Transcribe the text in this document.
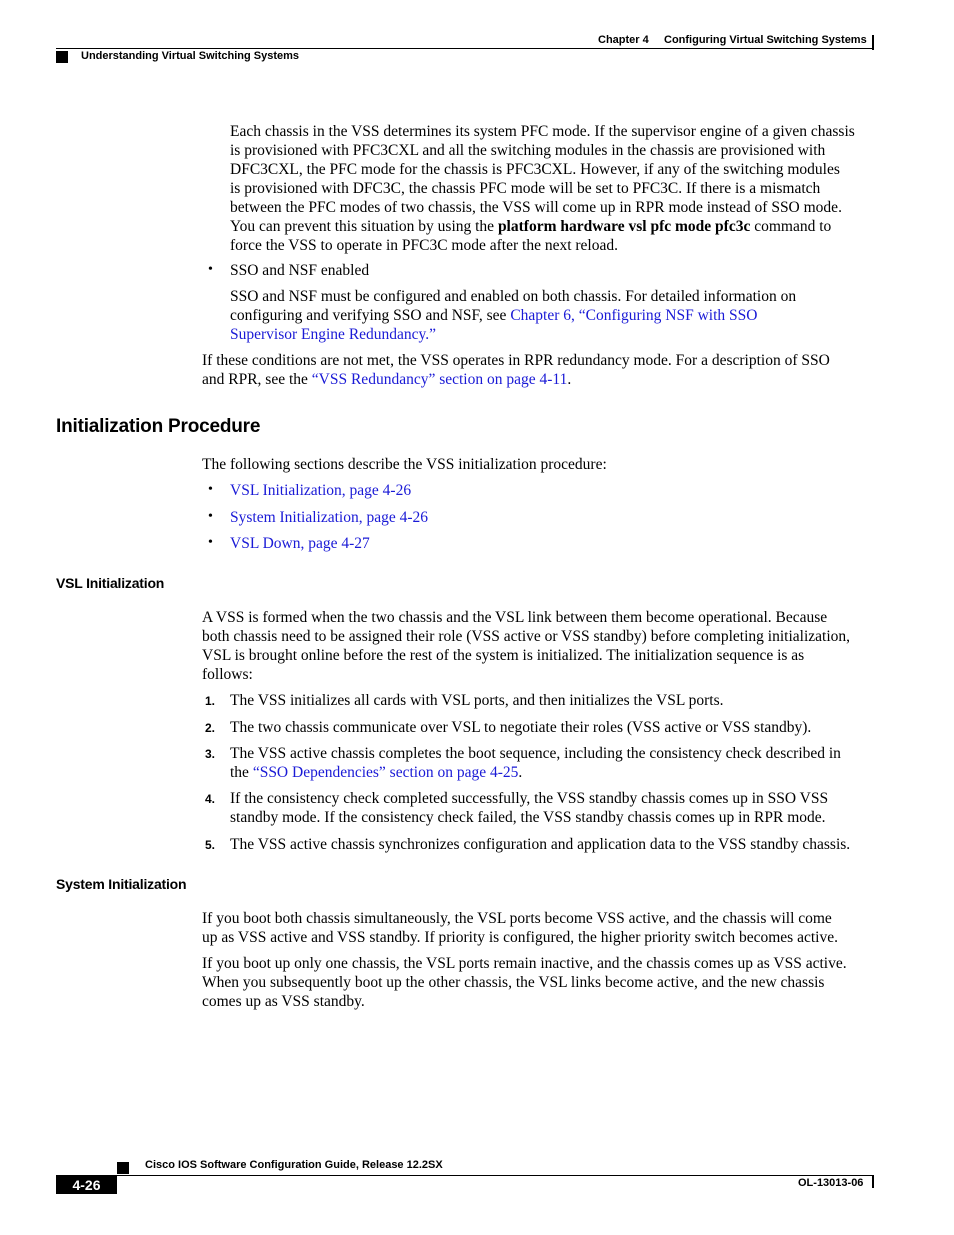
Chapter 4 Configuring Virtual Switching Systems
Understanding Virtual Switching Systems
Each chassis in the VSS determines its system PFC mode. If the supervisor engine of a given chassis
is provisioned with PFC3CXL and all the switching modules in the chassis are provisioned with
DFC3CXL, the PFC mode for the chassis is PFC3CXL. However, if any of the switching modules
is provisioned with DFC3C, the chassis PFC mode will be set to PFC3C. If there is a mismatch
between the PFC modes of two chassis, the VSS will come up in RPR mode instead of SSO mode.
You can prevent this situation by using the platform hardware vsl pfc mode pfc3c command to
force the VSS to operate in PFC3C mode after the next reload.
• SSO and NSF enabled
SSO and NSF must be configured and enabled on both chassis. For detailed information on
configuring and verifying SSO and NSF, see Chapter 6, “Configuring NSF with SSO
Supervisor Engine Redundancy.”
If these conditions are not met, the VSS operates in RPR redundancy mode. For a description of SSO
and RPR, see the “VSS Redundancy” section on page 4-11.
Initialization Procedure
The following sections describe the VSS initialization procedure:
• VSL Initialization, page 4-26
• System Initialization, page 4-26
• VSL Down, page 4-27
VSL Initialization
A VSS is formed when the two chassis and the VSL link between them become operational. Because
both chassis need to be assigned their role (VSS active or VSS standby) before completing initialization,
VSL is brought online before the rest of the system is initialized. The initialization sequence is as
follows:
1. The VSS initializes all cards with VSL ports, and then initializes the VSL ports.
2. The two chassis communicate over VSL to negotiate their roles (VSS active or VSS standby).
3. The VSS active chassis completes the boot sequence, including the consistency check described in
the “SSO Dependencies” section on page 4-25.
4. If the consistency check completed successfully, the VSS standby chassis comes up in SSO VSS
standby mode. If the consistency check failed, the VSS standby chassis comes up in RPR mode.
5. The VSS active chassis synchronizes configuration and application data to the VSS standby chassis.
System Initialization
If you boot both chassis simultaneously, the VSL ports become VSS active, and the chassis will come
up as VSS active and VSS standby. If priority is configured, the higher priority switch becomes active.
If you boot up only one chassis, the VSL ports remain inactive, and the chassis comes up as VSS active.
When you subsequently boot up the other chassis, the VSL links become active, and the new chassis
comes up as VSS standby.
Cisco IOS Software Configuration Guide, Release 12.2SX
4-26	OL-13013-06
